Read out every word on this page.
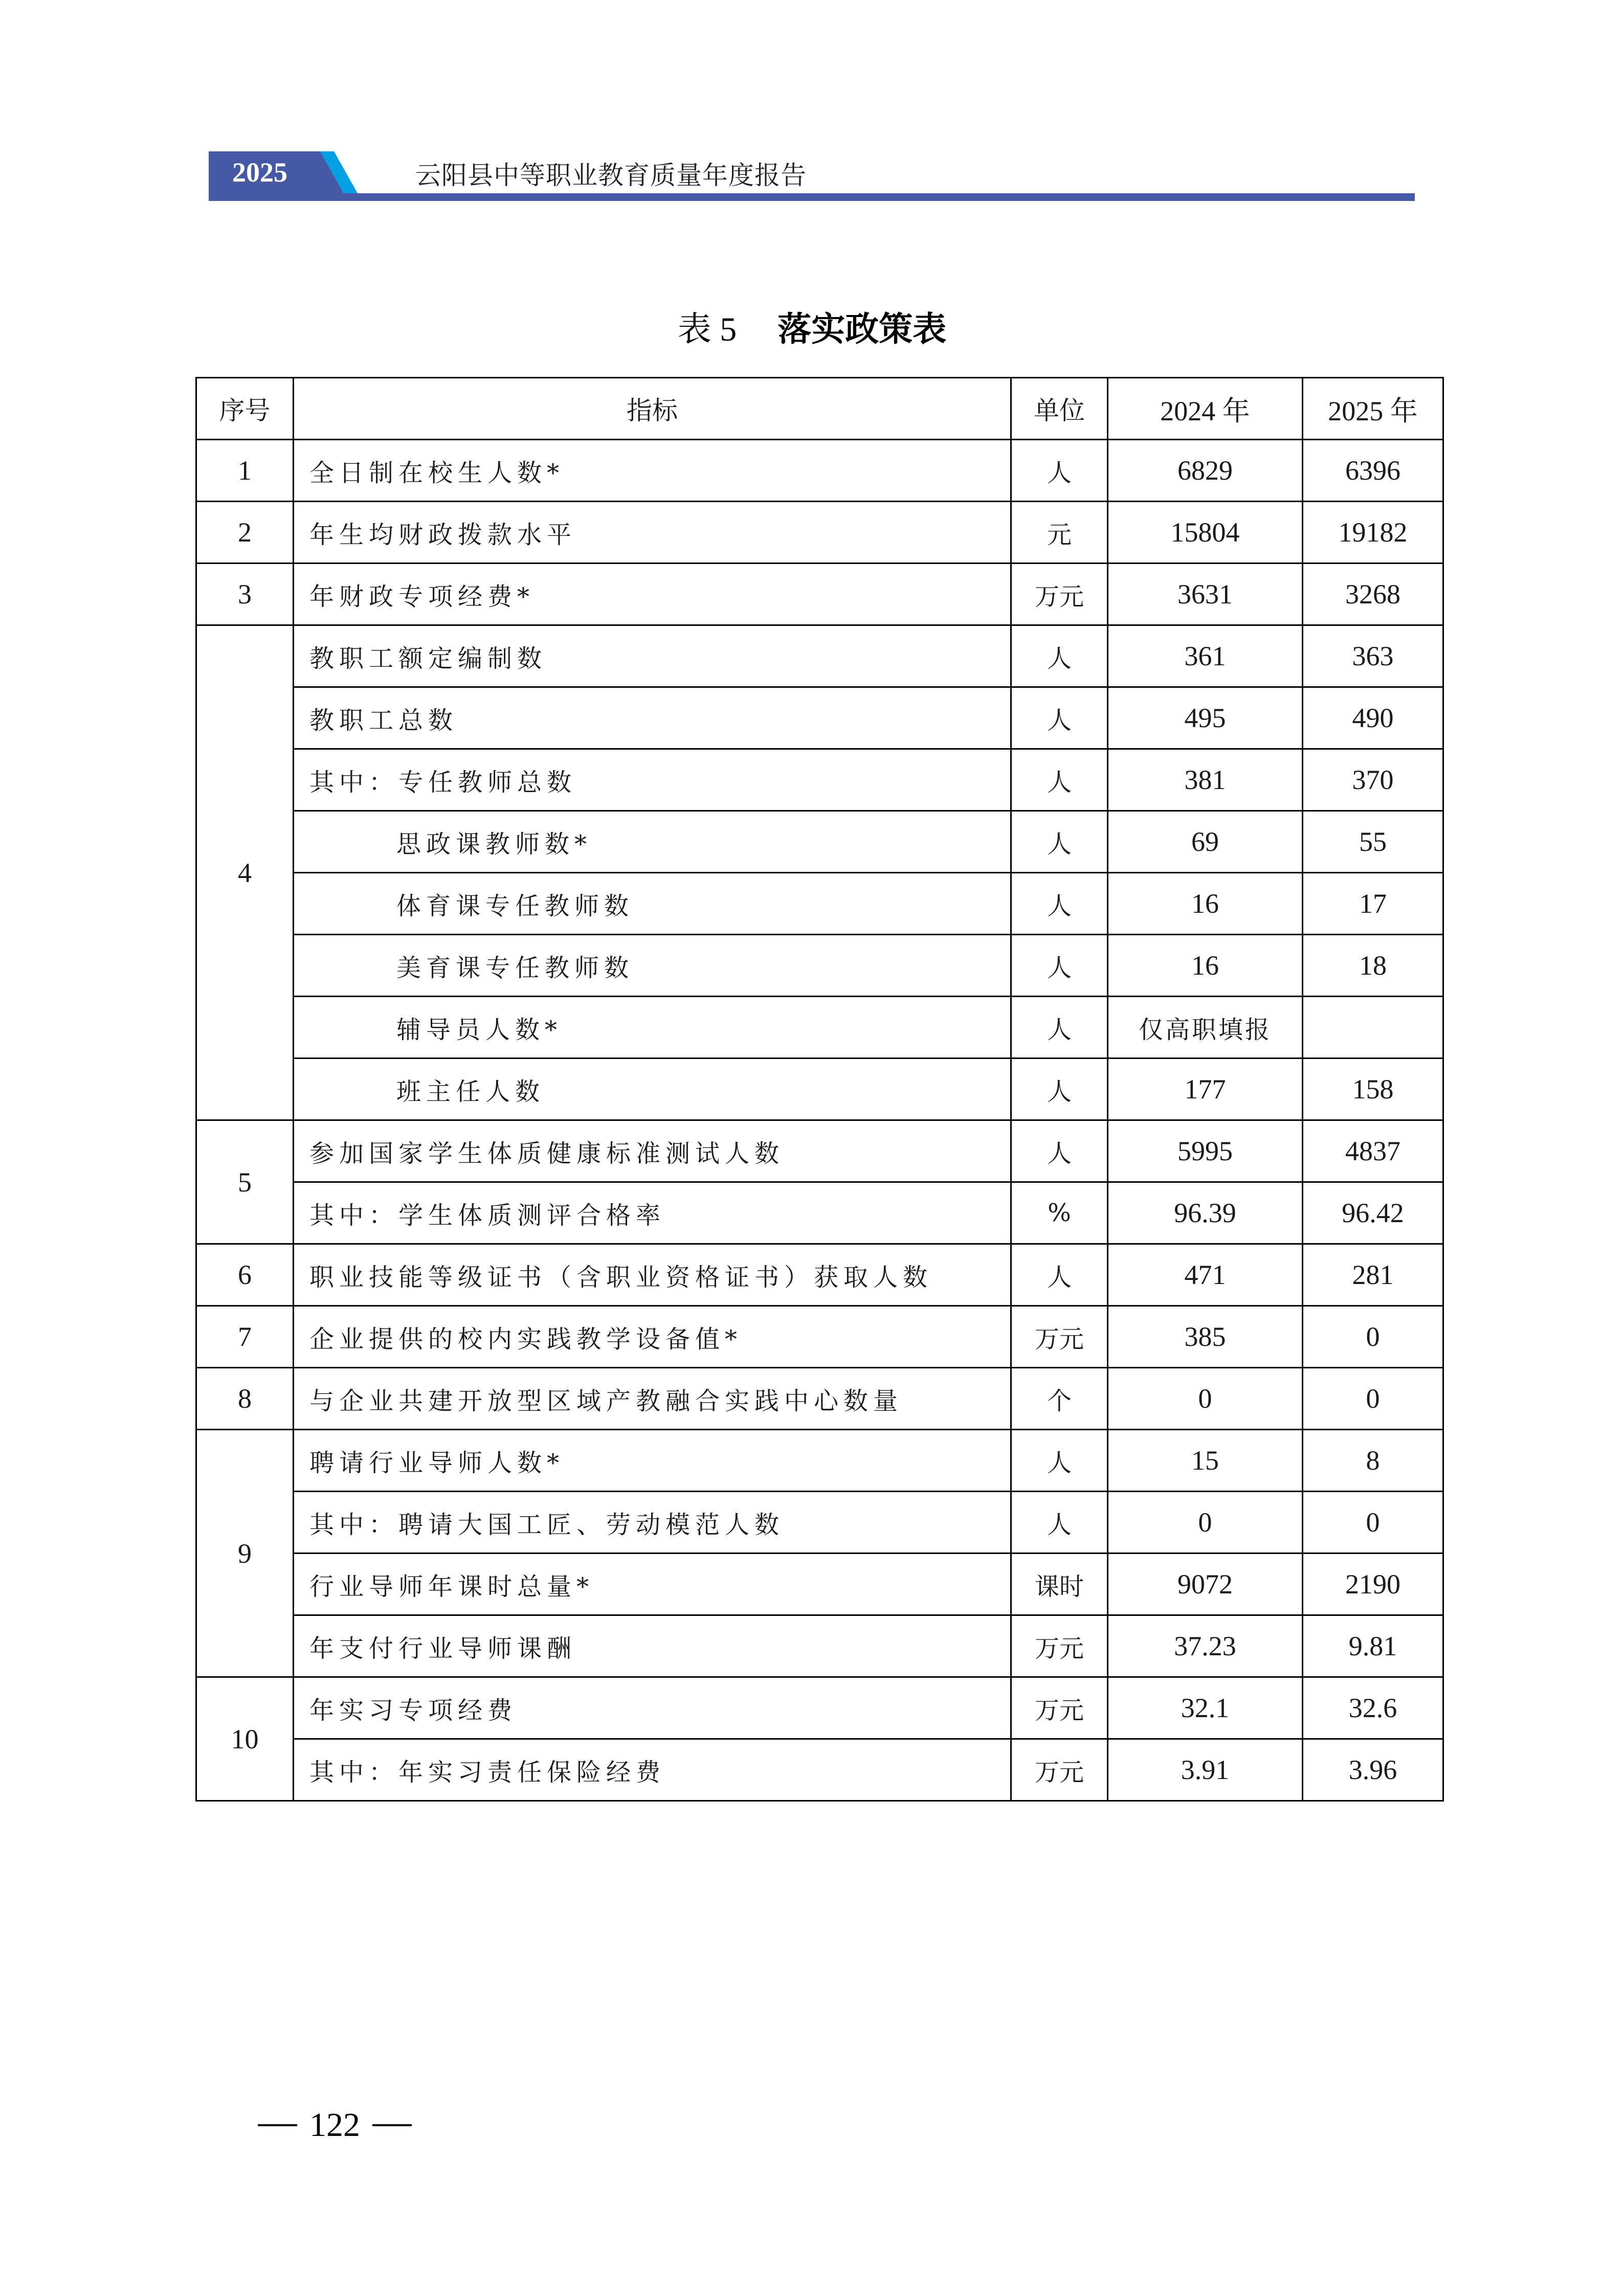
2025	云阳县中等职业教育质量年度报告
表 5 落实政策表
序号	指标	单位	2024 年	2025 年
1	全日制在校生人数*	人	6829	6396
2	年生均财政拨款水平	元	15804	19182
3	年财政专项经费*	万元	3631	3268
4	教职工额定编制数	人	361	363
	教职工总数	人	495	490
	其中：专任教师总数	人	381	370
	思政课教师数*	人	69	55
	体育课专任教师数	人	16	17
	美育课专任教师数	人	16	18
	辅导员人数*	人	仅高职填报	
	班主任人数	人	177	158
5	参加国家学生体质健康标准测试人数	人	5995	4837
	其中：学生体质测评合格率	%	96.39	96.42
6	职业技能等级证书（含职业资格证书）获取人数	人	471	281
7	企业提供的校内实践教学设备值*	万元	385	0
8	与企业共建开放型区域产教融合实践中心数量	个	0	0
9	聘请行业导师人数*	人	15	8
	其中：聘请大国工匠、劳动模范人数	人	0	0
	行业导师年课时总量*	课时	9072	2190
	年支付行业导师课酬	万元	37.23	9.81
10	年实习专项经费	万元	32.1	32.6
	其中：年实习责任保险经费	万元	3.91	3.96
122
